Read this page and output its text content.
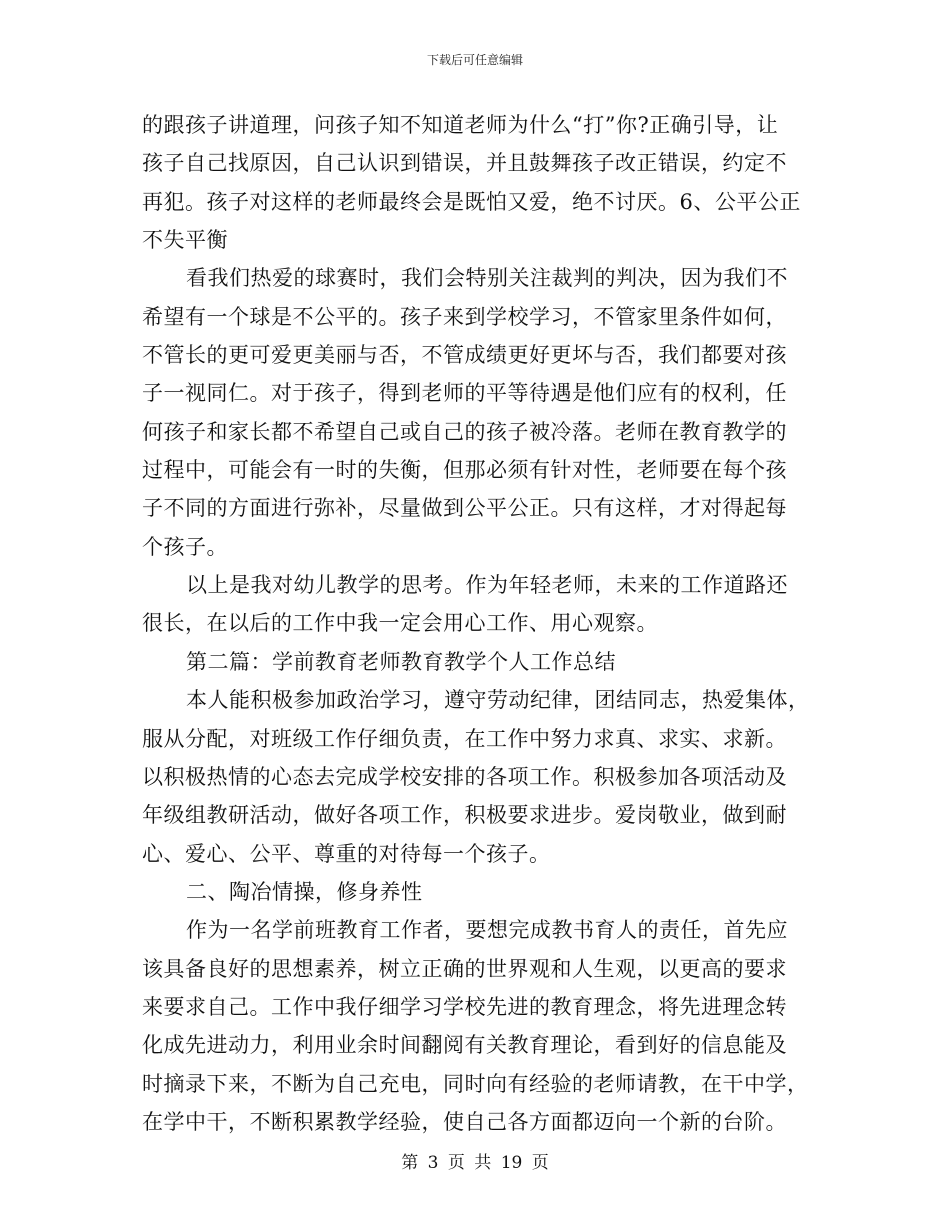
下载后可任意编辑
的跟孩子讲道理，问孩子知不知道老师为什么“打”你?正确引导，让
孩子自己找原因，自己认识到错误，并且鼓舞孩子改正错误，约定不
再犯。孩子对这样的老师最终会是既怕又爱，绝不讨厌。6、公平公正
不失平衡
看我们热爱的球赛时，我们会特别关注裁判的判决，因为我们不
希望有一个球是不公平的。孩子来到学校学习，不管家里条件如何，
不管长的更可爱更美丽与否，不管成绩更好更坏与否，我们都要对孩
子一视同仁。对于孩子，得到老师的平等待遇是他们应有的权利，任
何孩子和家长都不希望自己或自己的孩子被冷落。老师在教育教学的
过程中，可能会有一时的失衡，但那必须有针对性，老师要在每个孩
子不同的方面进行弥补，尽量做到公平公正。只有这样，才对得起每
个孩子。
以上是我对幼儿教学的思考。作为年轻老师，未来的工作道路还
很长，在以后的工作中我一定会用心工作、用心观察。
第二篇：学前教育老师教育教学个人工作总结
本人能积极参加政治学习，遵守劳动纪律，团结同志，热爱集体，
服从分配，对班级工作仔细负责，在工作中努力求真、求实、求新。
以积极热情的心态去完成学校安排的各项工作。积极参加各项活动及
年级组教研活动，做好各项工作，积极要求进步。爱岗敬业，做到耐
心、爱心、公平、尊重的对待每一个孩子。
二、陶冶情操，修身养性
作为一名学前班教育工作者，要想完成教书育人的责任，首先应
该具备良好的思想素养，树立正确的世界观和人生观，以更高的要求
来要求自己。工作中我仔细学习学校先进的教育理念，将先进理念转
化成先进动力，利用业余时间翻阅有关教育理论，看到好的信息能及
时摘录下来，不断为自己充电，同时向有经验的老师请教，在干中学，
在学中干，不断积累教学经验，使自己各方面都迈向一个新的台阶。
第 3 页 共 19 页
